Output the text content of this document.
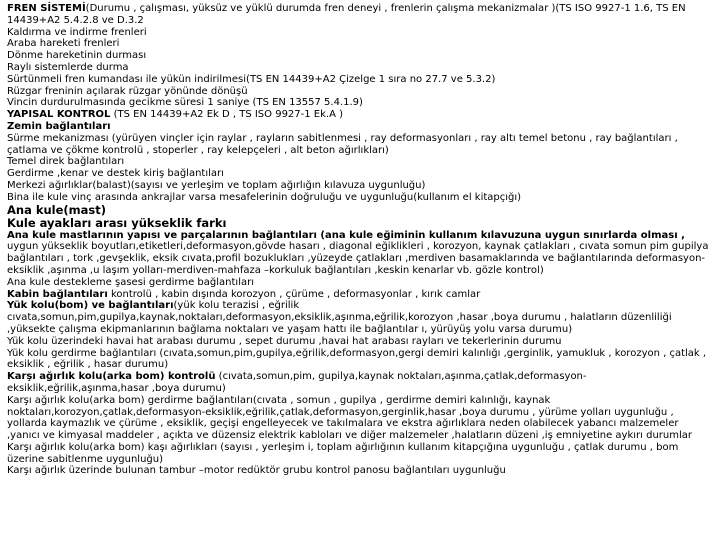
FREN SİSTEMİ(Durumu , çalışması, yüksüz ve yüklü durumda fren deneyi , frenlerin çalışma mekanizmalar )(TS ISO 9927-1 1.6, TS EN 14439+A2 5.4.2.8 ve D.3.2
Kaldırma ve indirme frenleri
Araba hareketi frenleri
Dönme hareketinin durması
Raylı sistemlerde durma
Sürtünmeli fren kumandası ile yükün indirilmesi(TS EN 14439+A2 Çizelge 1 sıra no 27.7 ve 5.3.2)
Rüzgar freninin açılarak rüzgar yönünde dönüşü
Vincin durdurulmasında gecikme süresi 1 saniye (TS EN 13557 5.4.1.9)
YAPISAL KONTROL (TS EN 14439+A2 Ek D , TS ISO 9927-1 Ek.A )
Zemin bağlantıları
Sürme mekanizması (yürüyen vinçler için raylar , rayların sabitlenmesi , ray deformasyonları , ray altı temel betonu , ray bağlantıları , çatlama ve çökme kontrolü , stoperler , ray kelepçeleri , alt beton ağırlıkları)
Temel direk bağlantıları
Gerdirme ,kenar ve destek kiriş bağlantıları
Merkezi ağırlıklar(balast)(sayısı ve yerleşim ve toplam ağırlığın kılavuza uygunluğu)
Bina ile kule vinç arasında ankrajlar varsa mesafelerinin doğruluğu ve uygunluğu(kullanım el kitapçığı)
Ana kule(mast)
Kule ayakları arası yükseklik farkı
Ana kule mastlarının yapısı ve parçalarının bağlantıları (ana kule eğiminin kullanım kılavuzuna uygun sınırlarda olması , uygun yükseklik boyutları,etiketleri,deformasyon,gövde hasarı , diagonal eğiklikleri , korozyon, kaynak çatlakları , cıvata somun pim gupilya bağlantıları , tork ,gevşeklik, eksik cıvata,profil bozuklukları ,yüzeyde çatlakları ,merdiven basamaklarında ve bağlantılarında deformasyon-eksiklik ,aşınma ,u laşım yolları-merdiven-mahfaza –korkuluk bağlantıları ,keskin kenarlar vb. gözle kontrol)
Ana kule destekleme şasesi gerdirme bağlantıları
Kabin bağlantıları kontrolü , kabin dışında korozyon , çürüme , deformasyonlar , kırık camlar
Yük kolu(bom) ve bağlantıları(yük kolu terazisi , eğrilik cıvata,somun,pim,gupilya,kaynak,noktaları,deformasyon,eksiklik,aşınma,eğrilik,korozyon ,hasar ,boya durumu , halatların düzenliliği ,yüksekte çalışma ekipmanlarının bağlama noktaları ve yaşam hattı ile bağlantılar ı, yürüyüş yolu varsa durumu)
Yük kolu üzerindeki havai hat arabası durumu , sepet durumu ,havai hat arabası rayları ve tekerlerinin durumu
Yük kolu gerdirme bağlantıları (cıvata,somun,pim,gupilya,eğrilik,deformasyon,gergi demiri kalınlığı ,gerginlik, yamukluk , korozyon , çatlak , eksiklik , eğrilik , hasar durumu)
Karşı ağırlık kolu(arka bom) kontrolü (cıvata,somun,pim, gupilya,kaynak noktaları,aşınma,çatlak,deformasyon-eksiklik,eğrilik,aşınma,hasar ,boya durumu)
Karşı ağırlık kolu(arka bom) gerdirme bağlantıları(cıvata , somun , gupilya , gerdirme demiri kalınlığı, kaynak noktaları,korozyon,çatlak,deformasyon-eksiklik,eğrilik,çatlak,deformasyon,gerginlik,hasar ,boya durumu , yürüme yolları uygunluğu , yollarda kaymazlık ve çürüme , eksiklik, geçişi engelleyecek ve takılmalara ve ekstra ağırlıklara neden olabilecek yabancı malzemeler ,yanıcı ve kimyasal maddeler , açıkta ve düzensiz elektrik kabloları ve diğer malzemeler ,halatların düzeni ,iş emniyetine aykırı durumlar
Karşı ağırlık kolu(arka bom) kaşı ağırlıkları (sayısı , yerleşim i, toplam ağırlığının kullanım kitapçığına uygunluğu , çatlak durumu , bom üzerine sabitlenme uygunluğu)
Karşı ağırlık üzerinde bulunan tambur –motor redüktör grubu kontrol panosu bağlantıları uygunluğu
